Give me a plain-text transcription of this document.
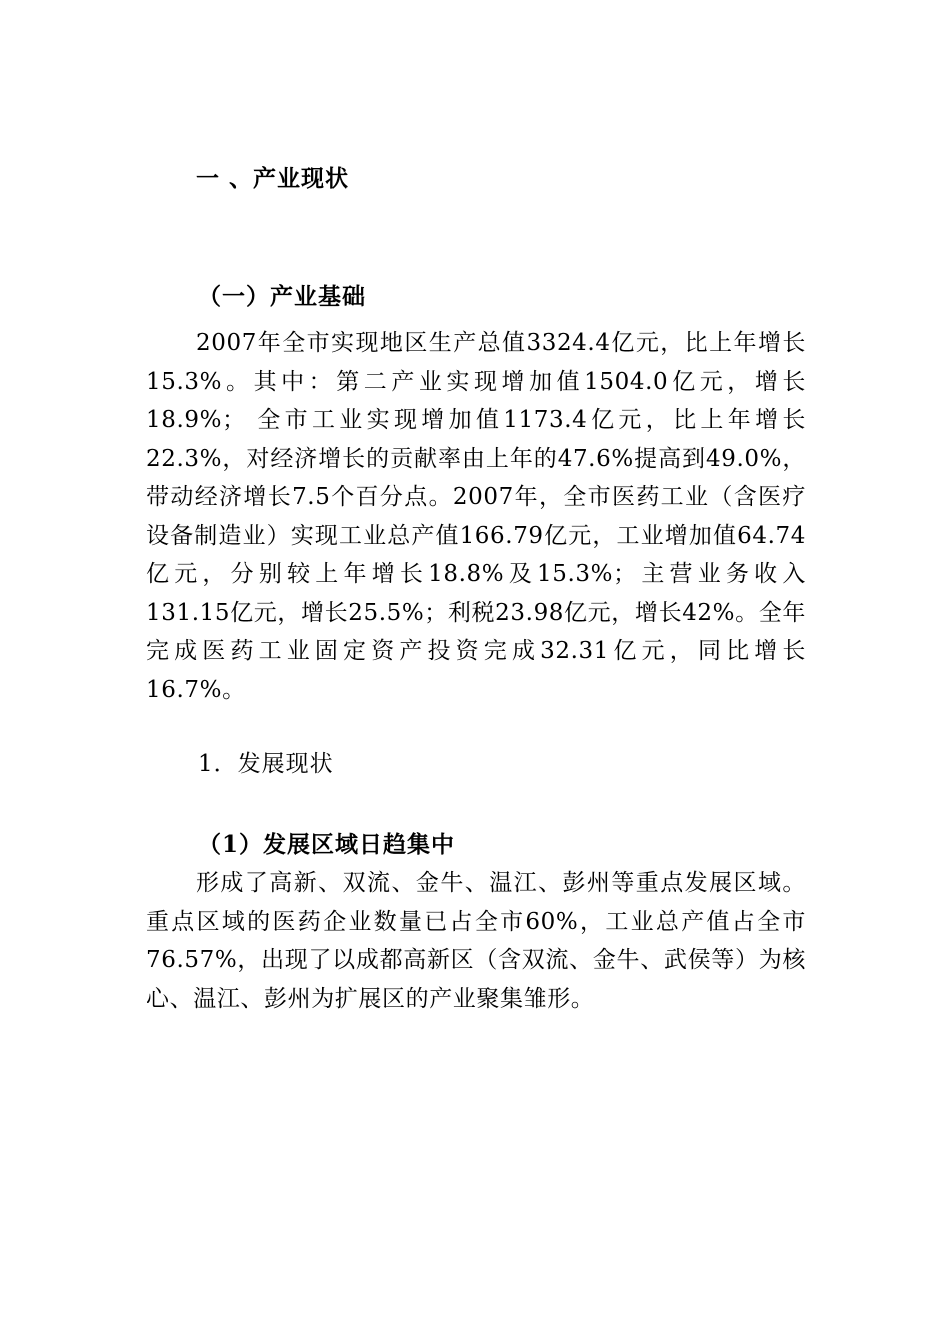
一 、产业现状
（一）产业基础
2007年全市实现地区生产总值3324.4亿元，比上年增长15.3%。其中：第二产业实现增加值1504.0亿元，增长18.9%； 全市工业实现增加值1173.4亿元，比上年增长22.3%，对经济增长的贡献率由上年的47.6%提高到49.0%，带动经济增长7.5个百分点。2007年，全市医药工业（含医疗设备制造业）实现工业总产值166.79亿元，工业增加值64.74亿元，分别较上年增长18.8%及15.3%；主营业务收入131.15亿元，增长25.5%；利税23.98亿元，增长42%。全年完成医药工业固定资产投资完成32.31亿元，同比增长16.7%。
1．发展现状
（1）发展区域日趋集中
形成了高新、双流、金牛、温江、彭州等重点发展区域。重点区域的医药企业数量已占全市60%，工业总产值占全市76.57%，出现了以成都高新区（含双流、金牛、武侯等）为核心、温江、彭州为扩展区的产业聚集雏形。
